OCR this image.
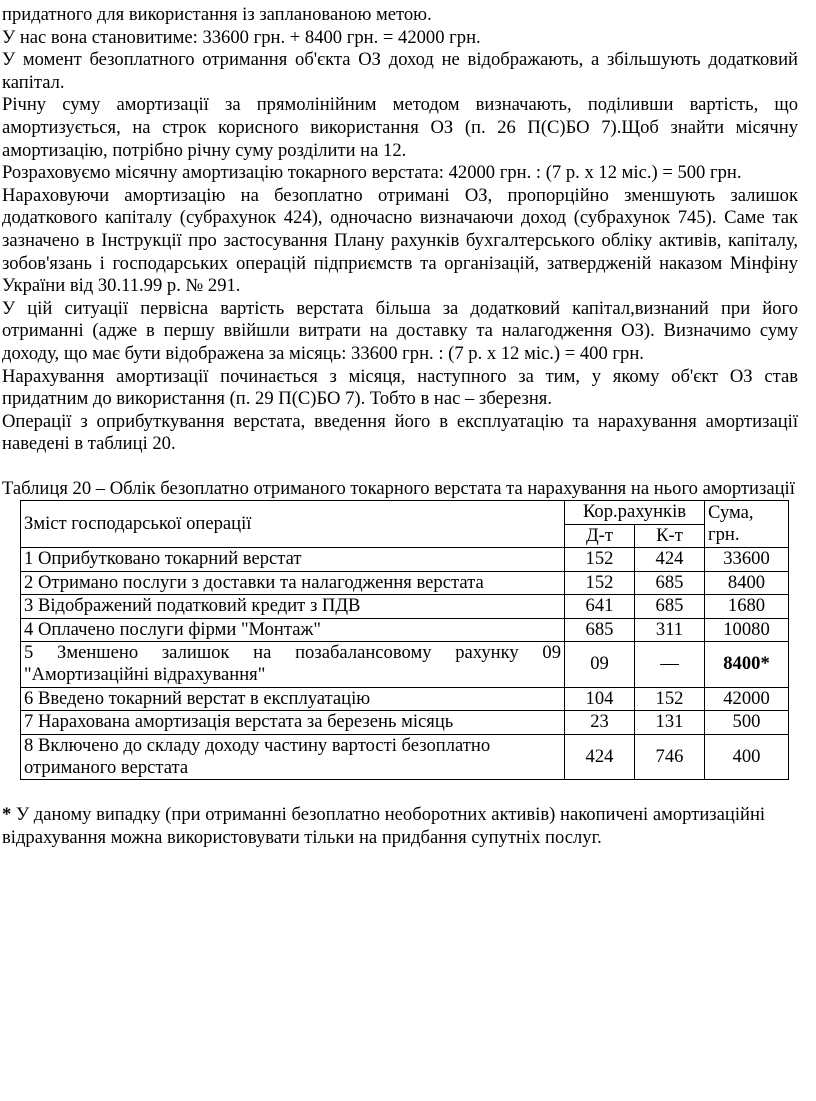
придатного для використання із запланованою метою.

У нас вона становитиме: 33600 грн. + 8400 грн. = 42000 грн.

У момент безоплатного отримання об'єкта ОЗ доход не відображають, а збільшують додатковий капітал.

Річну суму амортизації за прямолінійним методом визначають, поділивши вартість, що амортизується, на строк корисного використання ОЗ (п. 26 П(С)БО 7).Щоб знайти місячну амортизацію, потрібно річну суму розділити на 12.

Розраховуємо місячну амортизацію токарного верстата: 42000 грн. : (7 р. х 12 міс.) = 500 грн.

Нараховуючи амортизацію на безоплатно отримані ОЗ, пропорційно зменшують залишок додаткового капіталу (субрахунок 424), одночасно визначаючи доход (субрахунок 745). Саме так зазначено в Інструкції про застосування Плану рахунків бухгалтерського обліку активів, капіталу, зобов'язань і господарських операцій підприємств та організацій, затвердженій наказом Мінфіну України від 30.11.99 р. № 291.

У цій ситуації первісна вартість верстата більша за додатковий капітал,визнаний при його отриманні (адже в першу ввійшли витрати на доставку та налагодження ОЗ). Визначимо суму доходу, що має бути відображена за місяць: 33600 грн. : (7 р. х 12 міс.) = 400 грн.

Нарахування амортизації починається з місяця, наступного за тим, у якому об'єкт ОЗ став придатним до використання (п. 29 П(С)БО 7). Тобто в нас – зберезня.

Операції з оприбуткування верстата, введення його в експлуатацію та нарахування амортизації наведені в таблиці 20.

Таблиця 20 – Облік безоплатно отриманого токарного верстата та нарахування на нього амортизації

Зміст господарської операції	Кор.рахунків		Сума, грн.
	Д-т	К-т	
1 Оприбутковано токарний верстат	152	424	33600
2 Отримано послуги з доставки та налагодження верстата	152	685	8400
3 Відображений податковий кредит з ПДВ	641	685	1680
4 Оплачено послуги фірми "Монтаж"	685	311	10080
5 Зменшено залишок на позабалансовому рахунку 09 "Амортизаційні відрахування"	09	—	8400*
6 Введено токарний верстат в експлуатацію	104	152	42000
7 Нарахована амортизація верстата за березень місяць	23	131	500
8 Включено до складу доходу частину вартості безоплатно отриманого верстата	424	746	400

* У даному випадку (при отриманні безоплатно необоротних активів) накопичені амортизаційні відрахування можна використовувати тільки на придбання супутніх послуг.
